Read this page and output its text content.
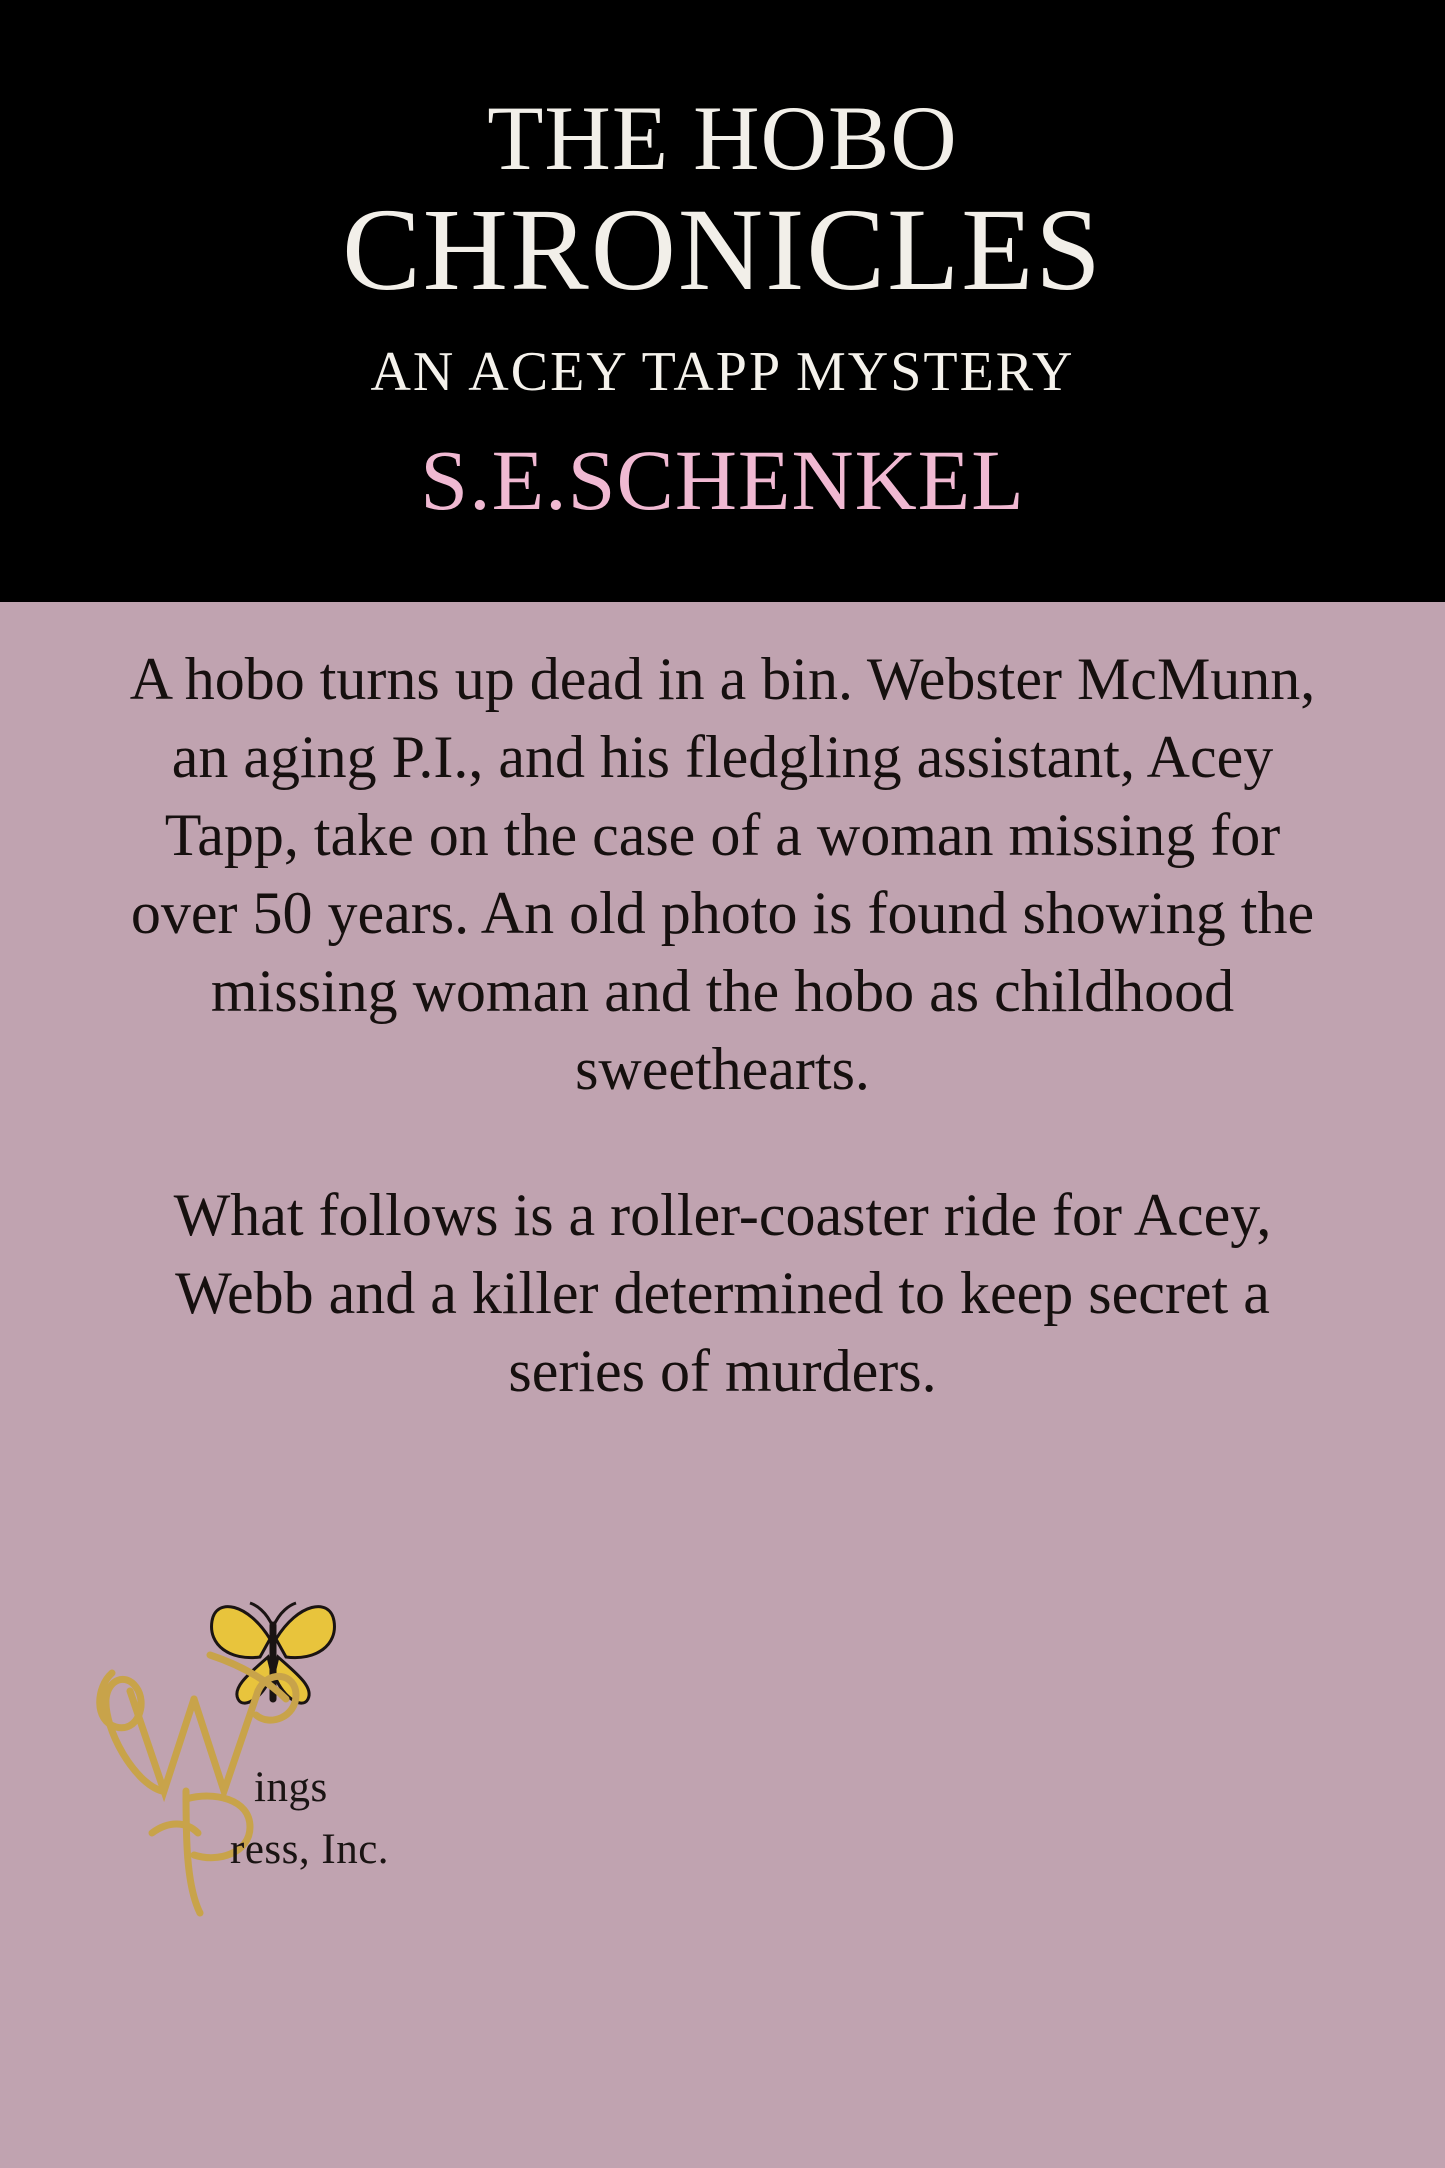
THE HOBO
CHRONICLES
AN ACEY TAPP MYSTERY
S.E.SCHENKEL

A hobo turns up dead in a bin. Webster McMunn, an aging P.I., and his fledgling assistant, Acey Tapp, take on the case of a woman missing for over 50 years. An old photo is found showing the missing woman and the hobo as childhood sweethearts.

What follows is a roller-coaster ride for Acey, Webb and a killer determined to keep secret a series of murders.

ings
ress, Inc.
